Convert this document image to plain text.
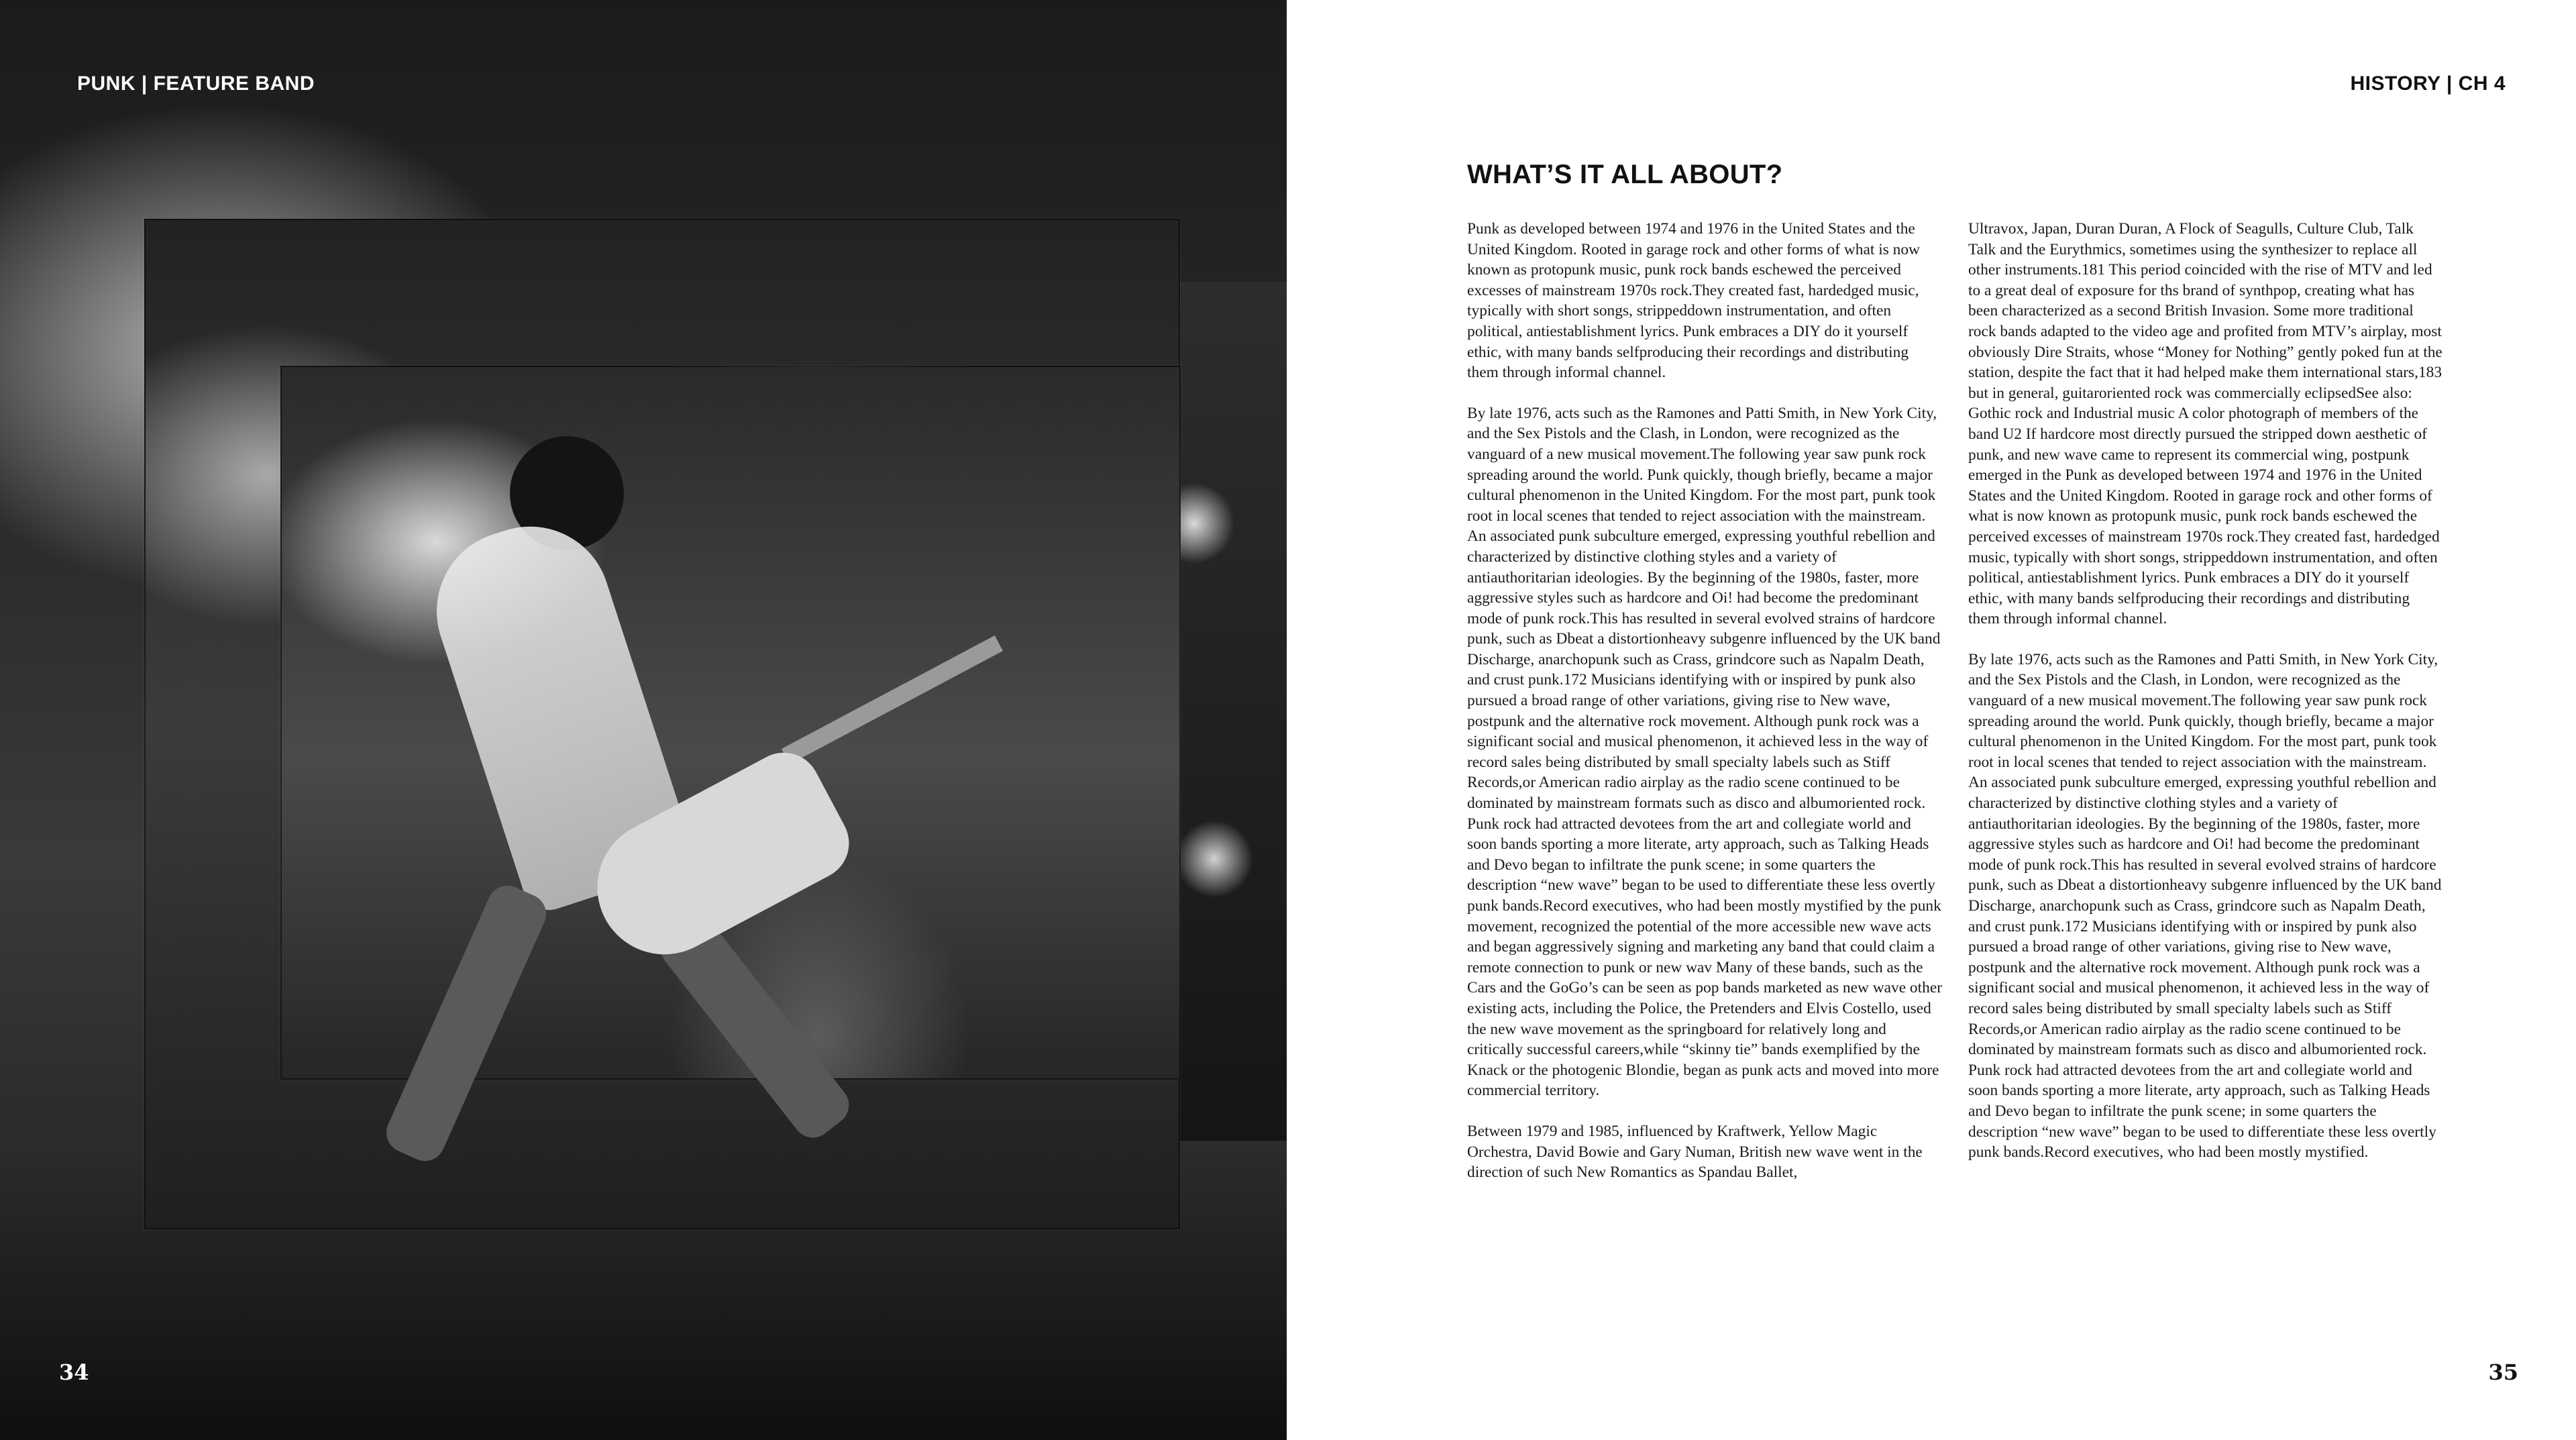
PUNK | FEATURE BAND
34
HISTORY | CH 4
WHAT’S IT ALL ABOUT?

Punk as developed between 1974 and 1976 in the United States and the United Kingdom. Rooted in garage rock and other forms of what is now known as protopunk music, punk rock bands eschewed the perceived excesses of mainstream 1970s rock.They created fast, hardedged music, typically with short songs, strippeddown instrumentation, and often political, antiestablishment lyrics. Punk embraces a DIY do it yourself ethic, with many bands selfproducing their recordings and distributing them through informal channel.

By late 1976, acts such as the Ramones and Patti Smith, in New York City, and the Sex Pistols and the Clash, in London, were recognized as the vanguard of a new musical movement.The following year saw punk rock spreading around the world. Punk quickly, though briefly, became a major cultural phenomenon in the United Kingdom. For the most part, punk took root in local scenes that tended to reject association with the mainstream. An associated punk subculture emerged, expressing youthful rebellion and characterized by distinctive clothing styles and a variety of antiauthoritarian ideologies. By the beginning of the 1980s, faster, more aggressive styles such as hardcore and Oi! had become the predominant mode of punk rock.This has resulted in several evolved strains of hardcore punk, such as Dbeat a distortionheavy subgenre influenced by the UK band Discharge, anarchopunk such as Crass, grindcore such as Napalm Death, and crust punk.172 Musicians identifying with or inspired by punk also pursued a broad range of other variations, giving rise to New wave, postpunk and the alternative rock movement. Although punk rock was a significant social and musical phenomenon, it achieved less in the way of record sales being distributed by small specialty labels such as Stiff Records,or American radio airplay as the radio scene continued to be dominated by mainstream formats such as disco and albumoriented rock. Punk rock had attracted devotees from the art and collegiate world and soon bands sporting a more literate, arty approach, such as Talking Heads and Devo began to infiltrate the punk scene; in some quarters the description “new wave” began to be used to differentiate these less overtly punk bands.Record executives, who had been mostly mystified by the punk movement, recognized the potential of the more accessible new wave acts and began aggressively signing and marketing any band that could claim a remote connection to punk or new wav Many of these bands, such as the Cars and the GoGo’s can be seen as pop bands marketed as new wave other existing acts, including the Police, the Pretenders and Elvis Costello, used the new wave movement as the springboard for relatively long and critically successful careers,while “skinny tie” bands exemplified by the Knack or the photogenic Blondie, began as punk acts and moved into more commercial territory.

Between 1979 and 1985, influenced by Kraftwerk, Yellow Magic Orchestra, David Bowie and Gary Numan, British new wave went in the direction of such New Romantics as Spandau Ballet,

Ultravox, Japan, Duran Duran, A Flock of Seagulls, Culture Club, Talk Talk and the Eurythmics, sometimes using the synthesizer to replace all other instruments.181 This period coincided with the rise of MTV and led to a great deal of exposure for ths brand of synthpop, creating what has been characterized as a second British Invasion. Some more traditional rock bands adapted to the video age and profited from MTV’s airplay, most obviously Dire Straits, whose “Money for Nothing” gently poked fun at the station, despite the fact that it had helped make them international stars,183 but in general, guitaroriented rock was commercially eclipsedSee also: Gothic rock and Industrial music A color photograph of members of the band U2 If hardcore most directly pursued the stripped down aesthetic of punk, and new wave came to represent its commercial wing, postpunk emerged in the Punk as developed between 1974 and 1976 in the United States and the United Kingdom. Rooted in garage rock and other forms of what is now known as protopunk music, punk rock bands eschewed the perceived excesses of mainstream 1970s rock.They created fast, hardedged music, typically with short songs, strippeddown instrumentation, and often political, antiestablishment lyrics. Punk embraces a DIY do it yourself ethic, with many bands selfproducing their recordings and distributing them through informal channel.

By late 1976, acts such as the Ramones and Patti Smith, in New York City, and the Sex Pistols and the Clash, in London, were recognized as the vanguard of a new musical movement.The following year saw punk rock spreading around the world. Punk quickly, though briefly, became a major cultural phenomenon in the United Kingdom. For the most part, punk took root in local scenes that tended to reject association with the mainstream. An associated punk subculture emerged, expressing youthful rebellion and characterized by distinctive clothing styles and a variety of antiauthoritarian ideologies. By the beginning of the 1980s, faster, more aggressive styles such as hardcore and Oi! had become the predominant mode of punk rock.This has resulted in several evolved strains of hardcore punk, such as Dbeat a distortionheavy subgenre influenced by the UK band Discharge, anarchopunk such as Crass, grindcore such as Napalm Death, and crust punk.172 Musicians identifying with or inspired by punk also pursued a broad range of other variations, giving rise to New wave, postpunk and the alternative rock movement. Although punk rock was a significant social and musical phenomenon, it achieved less in the way of record sales being distributed by small specialty labels such as Stiff Records,or American radio airplay as the radio scene continued to be dominated by mainstream formats such as disco and albumoriented rock. Punk rock had attracted devotees from the art and collegiate world and soon bands sporting a more literate, arty approach, such as Talking Heads and Devo began to infiltrate the punk scene; in some quarters the description “new wave” began to be used to differentiate these less overtly punk bands.Record executives, who had been mostly mystified.

35
